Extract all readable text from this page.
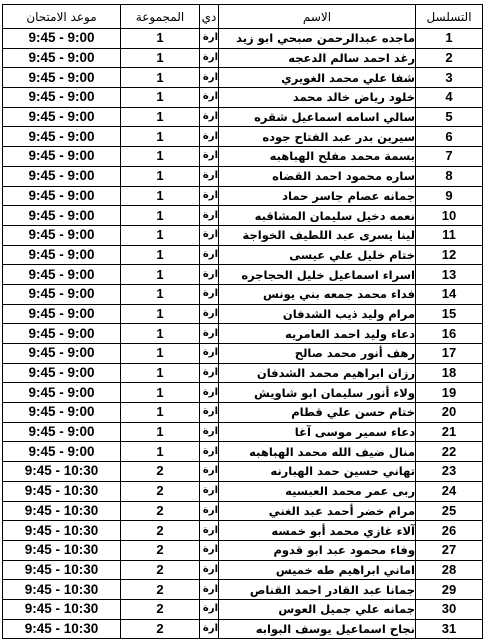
موعد الامتحان	المجموعة	دي	الاسم	التسلسل
9:45 - 9:00	1	ارة	ماجده عبدالرحمن صبحي ابو زيد	1
9:45 - 9:00	1	ارة	رغد احمد سالم الدعجه	2
9:45 - 9:00	1	ارة	شفا علي محمد الغويري	3
9:45 - 9:00	1	ارة	خلود رياض خالد محمد	4
9:45 - 9:00	1	ارة	سالي اسامه اسماعيل شقره	5
9:45 - 9:00	1	ارة	سيرين بدر عبد الفتاح جوده	6
9:45 - 9:00	1	ارة	بسمة محمد مفلح الهباهبه	7
9:45 - 9:00	1	ارة	ساره محمود احمد القضاه	8
9:45 - 9:00	1	ارة	جمانه عصام جاسر حماد	9
9:45 - 9:00	1	ارة	نعمه دخيل سليمان المشاقبه	10
9:45 - 9:00	1	ارة	لينا يسرى عبد اللطيف الخواجة	11
9:45 - 9:00	1	ارة	ختام خليل علي عيسى	12
9:45 - 9:00	1	ارة	اسراء اسماعيل خليل الحجاجره	13
9:45 - 9:00	1	ارة	فداء محمد جمعه بني يونس	14
9:45 - 9:00	1	ارة	مرام وليد ذيب الشدفان	15
9:45 - 9:00	1	ارة	دعاء وليد احمد العامريه	16
9:45 - 9:00	1	ارة	رهف أنور محمد صالح	17
9:45 - 9:00	1	ارة	رزان ابراهيم محمد الشدفان	18
9:45 - 9:00	1	ارة	ولاء أنور سليمان ابو شاويش	19
9:45 - 9:00	1	ارة	ختام حسن علي قطام	20
9:45 - 9:00	1	ارة	دعاء سمير موسى آغا	21
9:45 - 9:00	1	ارة	منال ضيف الله محمد الهباهبه	22
9:45 - 10:30	2	ارة	تهاني حسين حمد الهبارنه	23
9:45 - 10:30	2	ارة	ربى عمر محمد العبسيه	24
9:45 - 10:30	2	ارة	مرام خضر أحمد عبد الغني	25
9:45 - 10:30	2	ارة	آلاء غازي محمد أبو خمسه	26
9:45 - 10:30	2	ارة	وفاء محمود عبد ابو قدوم	27
9:45 - 10:30	2	ارة	اماني ابراهيم طه خميس	28
9:45 - 10:30	2	ارة	جمانا عبد القادر احمد القناص	29
9:45 - 10:30	2	ارة	جمانه علي جميل العوس	30
9:45 - 10:30	2	ارة	نجاح اسماعيل يوسف البوابه	31
